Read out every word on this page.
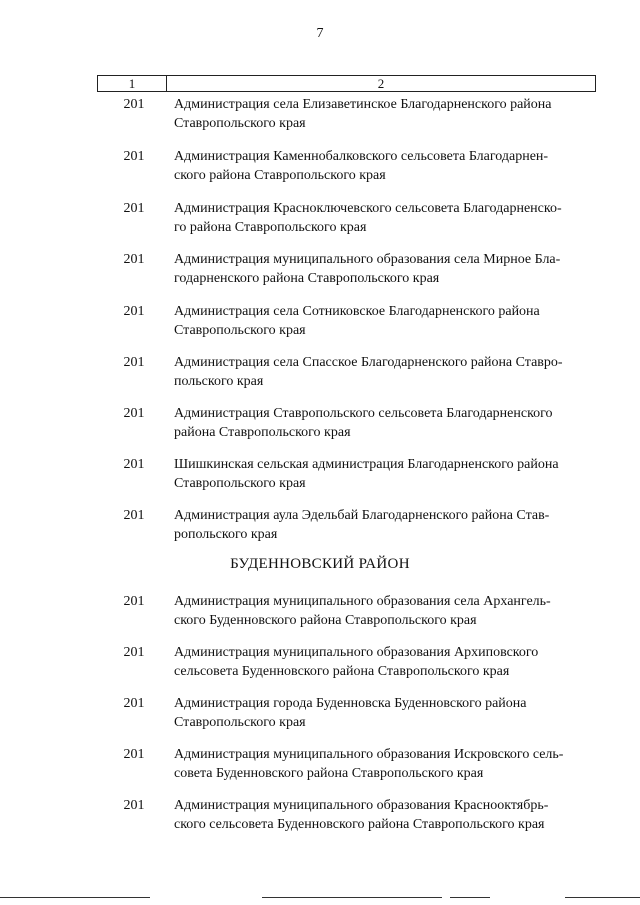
7
1	2
201	Администрация села Елизаветинское Благодарненского района
Ставропольского края
201	Администрация Каменнобалковского сельсовета Благодарнен-
ского района Ставропольского края
201	Администрация Красноключевского сельсовета Благодарненско-
го района Ставропольского края
201	Администрация муниципального образования села Мирное Бла-
годарненского района Ставропольского края
201	Администрация села Сотниковское Благодарненского района
Ставропольского края
201	Администрация села Спасское Благодарненского района Ставро-
польского края
201	Администрация Ставропольского сельсовета Благодарненского
района Ставропольского края
201	Шишкинская сельская администрация Благодарненского района
Ставропольского края
201	Администрация аула Эдельбай Благодарненского района Став-
ропольского края
БУДЕННОВСКИЙ РАЙОН
201	Администрация муниципального образования села Архангель-
ского Буденновского района Ставропольского края
201	Администрация муниципального образования Архиповского
сельсовета Буденновского района Ставропольского края
201	Администрация города Буденновска Буденновского района
Ставропольского края
201	Администрация муниципального образования Искровского сель-
совета Буденновского района Ставропольского края
201	Администрация муниципального образования Краснооктябрь-
ского сельсовета Буденновского района Ставропольского края
